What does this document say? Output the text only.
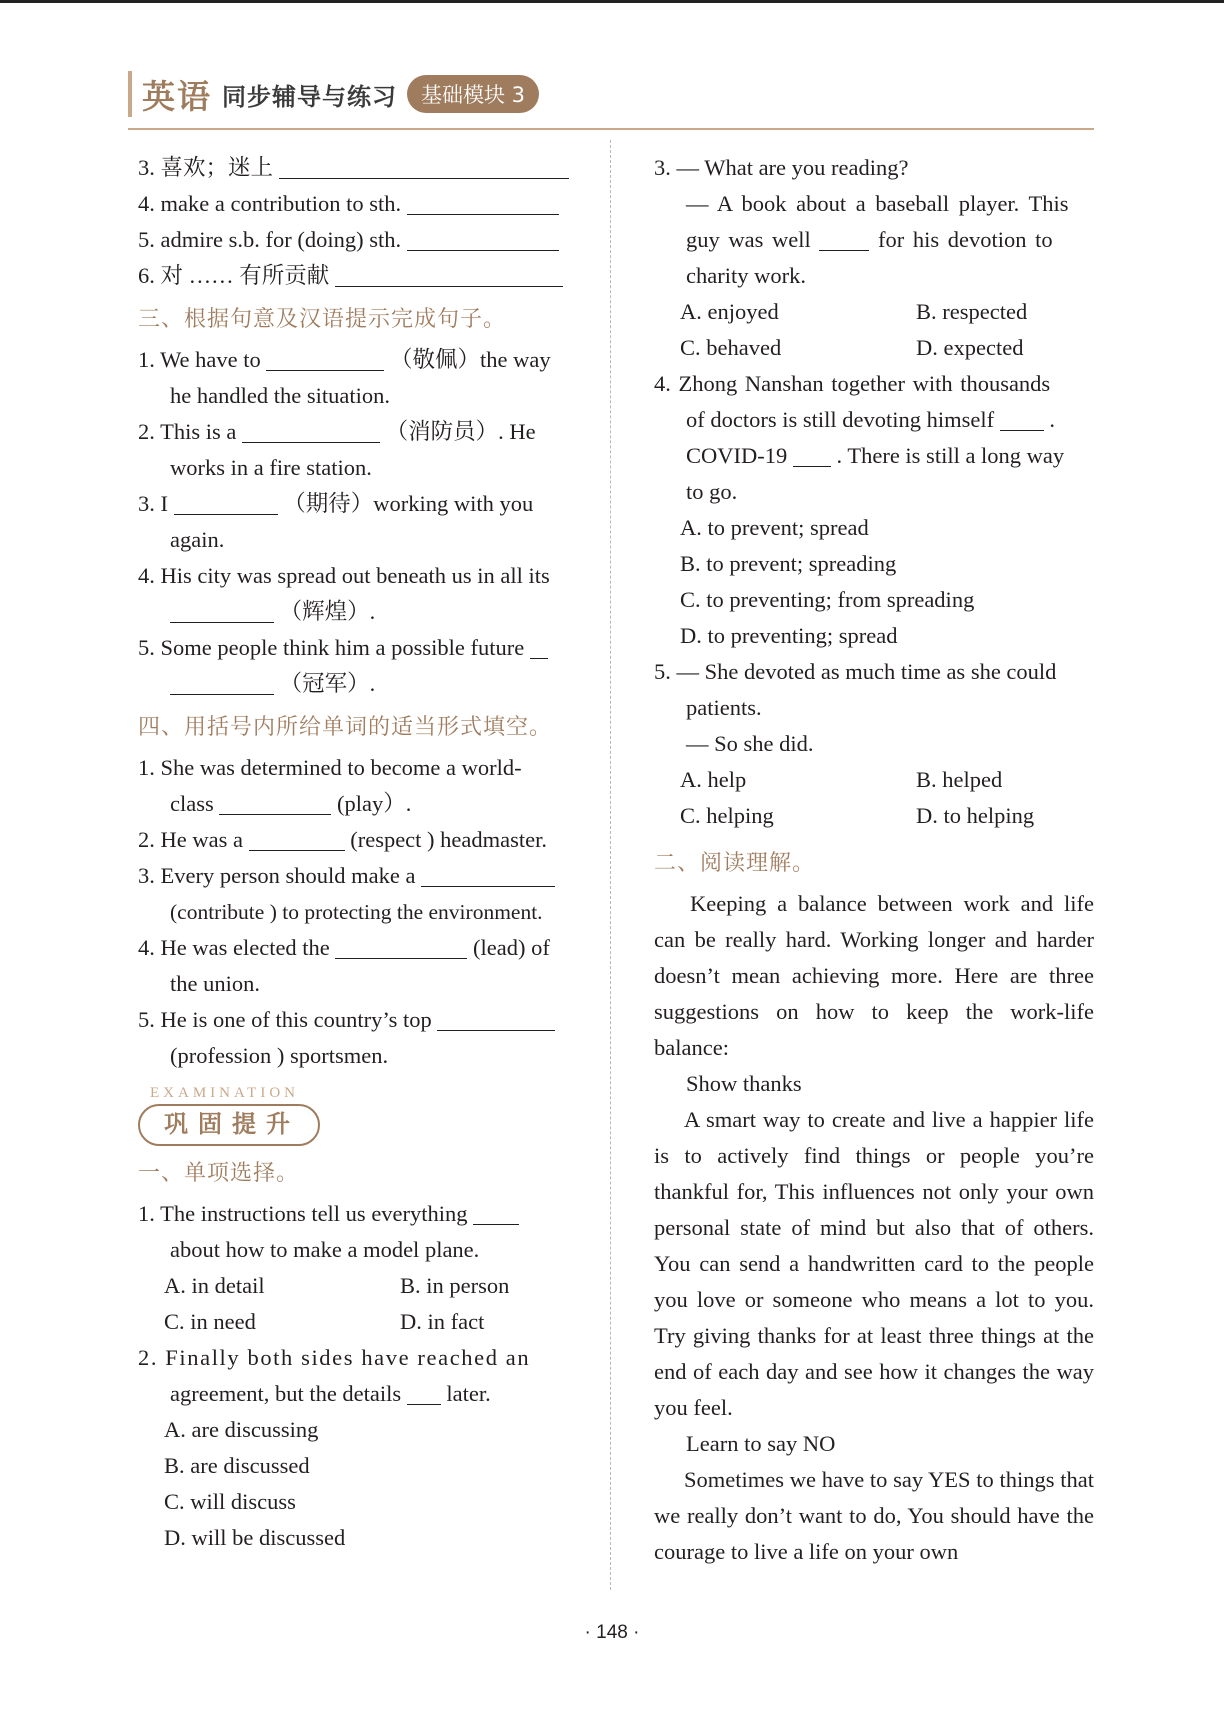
英语 同步辅导与练习	基础模块 3
3. 喜欢；迷上
4. make a contribution to sth.
5. admire s.b. for (doing) sth.
6. 对 …… 有所贡献
三、根据句意及汉语提示完成句子。
1. We have to	（敬佩）the way
he handled the situation.
2. This is a	（消防员）. He
works in a fire station.
3. I	（期待）working with you
again.
4. His city was spread out beneath us in all its
（辉煌）.
5. Some people think him a possible future
（冠军）.
四、用括号内所给单词的适当形式填空。
1. She was determined to become a world-
class	(play）.
2. He was a	(respect ) headmaster.
3. Every person should make a
(contribute ) to protecting the environment.
4. He was elected the	(lead) of
the union.
5. He is one of this country’s top
(profession ) sportsmen.
EXAMINATION
巩固提升
一、单项选择。
1. The instructions tell us everything
about how to make a model plane.
A. in detail	B. in person
C. in need	D. in fact
2. Finally both sides have reached an
agreement, but the details later.
A. are discussing
B. are discussed
C. will discuss
D. will be discussed
3. — What are you reading?
— A book about a baseball player. This
guy was well	for his devotion to
charity work.
A. enjoyed	B. respected
C. behaved	D. expected
4. Zhong Nanshan together with thousands
of doctors is still devoting himself .
COVID-19 . There is still a long way
to go.
A. to prevent; spread
B. to prevent; spreading
C. to preventing; from spreading
D. to preventing; spread
5. — She devoted as much time as she could
patients.
— So she did.
A. help	B. helped
C. helping	D. to helping
二、阅读理解。
Keeping a balance between work and life can be really hard. Working longer and harder doesn’t mean achieving more. Here are three suggestions on how to keep the work-life balance:
Show thanks
A smart way to create and live a happier life is to actively find things or people you’re thankful for, This influences not only your own personal state of mind but also that of others. You can send a handwritten card to the people you love or someone who means a lot to you. Try giving thanks for at least three things at the end of each day and see how it changes the way you feel.
Learn to say NO
Sometimes we have to say YES to things that we really don’t want to do, You should have the courage to live a life on your own
· 148 ·
